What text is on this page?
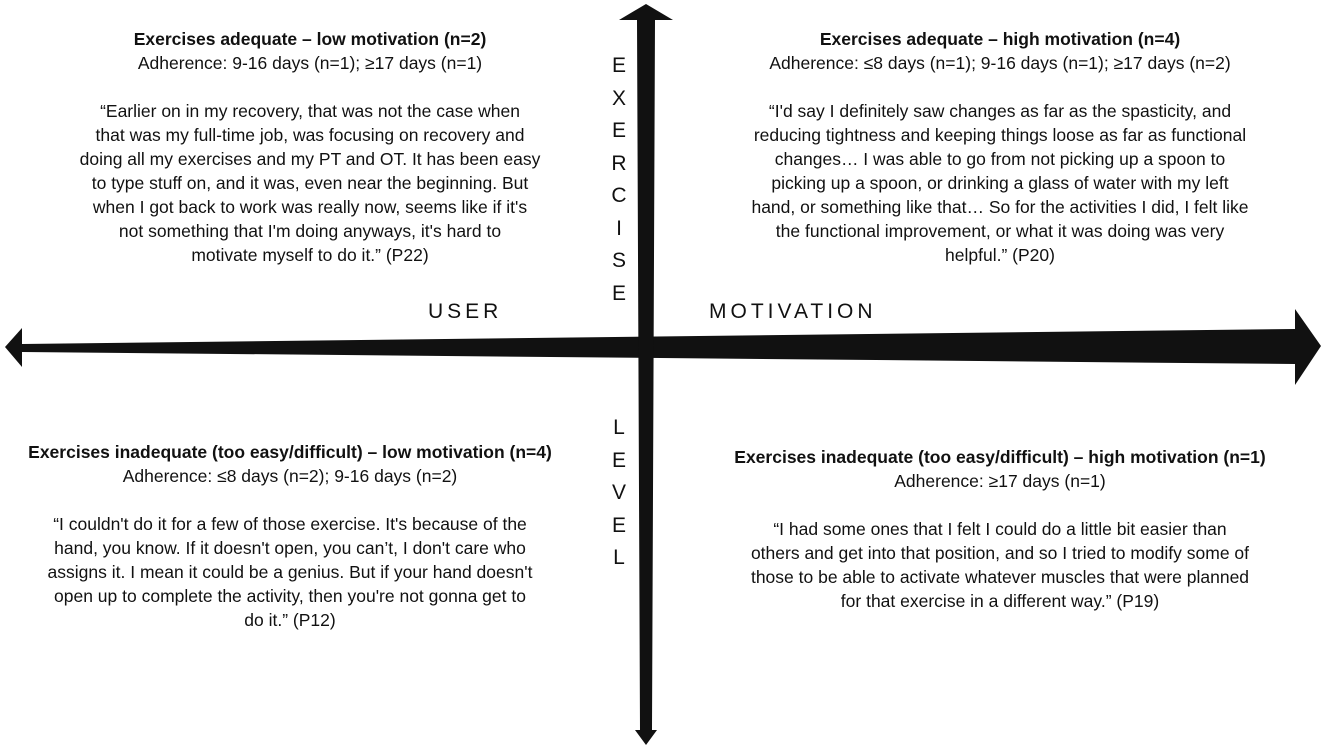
Exercises adequate – low motivation (n=2)
Adherence: 9-16 days (n=1); ≥17 days (n=1)
“Earlier on in my recovery, that was not the case when
that was my full-time job, was focusing on recovery and
doing all my exercises and my PT and OT. It has been easy
to type stuff on, and it was, even near the beginning. But
when I got back to work was really now, seems like if it's
not something that I'm doing anyways, it's hard to
motivate myself to do it.” (P22)
Exercises adequate – high motivation (n=4)
Adherence: ≤8 days (n=1); 9-16 days (n=1); ≥17 days (n=2)
“I'd say I definitely saw changes as far as the spasticity, and
reducing tightness and keeping things loose as far as functional
changes… I was able to go from not picking up a spoon to
picking up a spoon, or drinking a glass of water with my left
hand, or something like that… So for the activities I did, I felt like
the functional improvement, or what it was doing was very
helpful.” (P20)
Exercises inadequate (too easy/difficult) – low motivation (n=4)
Adherence: ≤8 days (n=2); 9-16 days (n=2)
“I couldn't do it for a few of those exercise. It's because of the
hand, you know. If it doesn't open, you can’t, I don't care who
assigns it. I mean it could be a genius. But if your hand doesn't
open up to complete the activity, then you're not gonna get to
do it.” (P12)
Exercises inadequate (too easy/difficult) – high motivation (n=1)
Adherence: ≥17 days (n=1)
“I had some ones that I felt I could do a little bit easier than
others and get into that position, and so I tried to modify some of
those to be able to activate whatever muscles that were planned
for that exercise in a different way.” (P19)
USER	MOTIVATION
E
X
E
R
C
I
S
E
L
E
V
E
L
